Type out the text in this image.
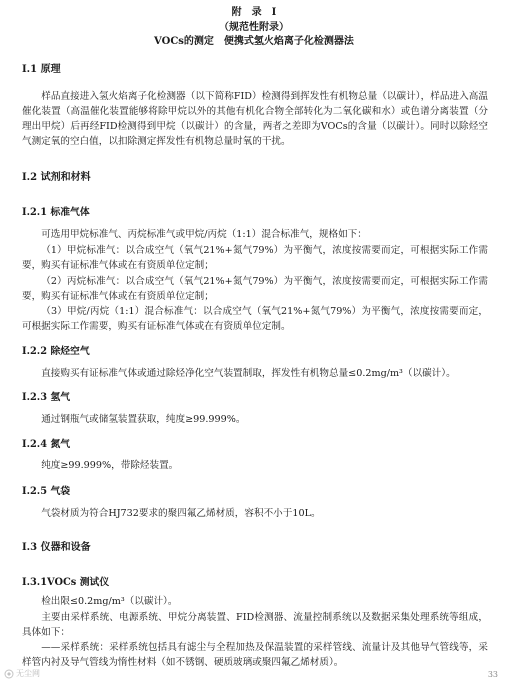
附　录　I
（规范性附录）
VOCs的测定　便携式氢火焰离子化检测器法
I.1 原理
样品直接进入氢火焰离子化检测器（以下简称FID）检测得到挥发性有机物总量（以碳计），样品进入高温催化装置（高温催化装置能够将除甲烷以外的其他有机化合物全部转化为二氧化碳和水）或色谱分离装置（分理出甲烷）后再经FID检测得到甲烷（以碳计）的含量，两者之差即为VOCs的含量（以碳计）。同时以除烃空气测定氧的空白值，以扣除测定挥发性有机物总量时氧的干扰。
I.2 试剂和材料
I.2.1 标准气体
可选用甲烷标准气、丙烷标准气或甲烷/丙烷（1:1）混合标准气，规格如下：
（1）甲烷标准气：以合成空气（氧气21%+氮气79%）为平衡气，浓度按需要而定，可根据实际工作需要，购买有证标准气体或在有资质单位定制；
（2）丙烷标准气：以合成空气（氧气21%+氮气79%）为平衡气，浓度按需要而定，可根据实际工作需要，购买有证标准气体或在有资质单位定制；
（3）甲烷/丙烷（1:1）混合标准气：以合成空气（氧气21%+氮气79%）为平衡气，浓度按需要而定，可根据实际工作需要，购买有证标准气体或在有资质单位定制。
I.2.2 除烃空气
直接购买有证标准气体或通过除烃净化空气装置制取，挥发性有机物总量≤0.2mg/m³（以碳计）。
I.2.3 氢气
通过钢瓶气或储氢装置获取，纯度≥99.999%。
I.2.4 氮气
纯度≥99.999%，带除烃装置。
I.2.5 气袋
气袋材质为符合HJ732要求的聚四氟乙烯材质，容积不小于10L。
I.3 仪器和设备
I.3.1VOCs 测试仪
检出限≤0.2mg/m³（以碳计）。
主要由采样系统、电源系统、甲烷分离装置、FID检测器、流量控制系统以及数据采集处理系统等组成，具体如下：
——采样系统：采样系统包括具有滤尘与全程加热及保温装置的采样管线、流量计及其他导气管线等，采样管内衬及导气管线为惰性材料（如不锈钢、硬质玻璃或聚四氟乙烯材质）。
无尘网	33
